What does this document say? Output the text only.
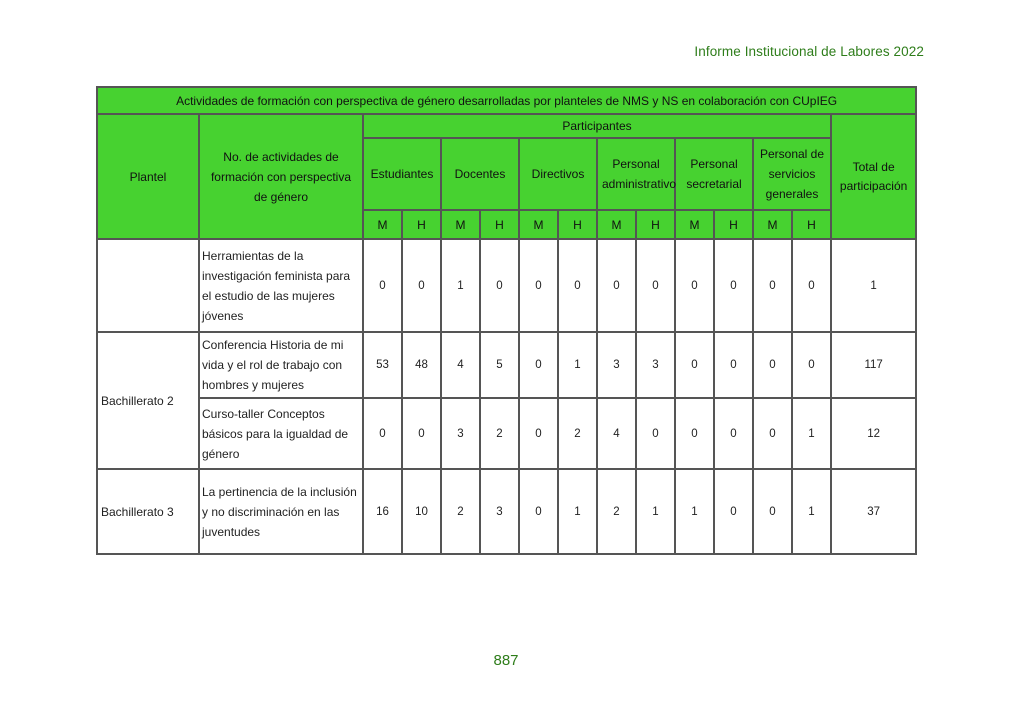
Informe Institucional de Labores 2022
Actividades de formación con perspectiva de género desarrolladas por planteles de NMS y NS en colaboración con CUpIEG														
Plantel	No. de actividades de formación con perspectiva de género	Participantes												Total de participación
		Estudiantes		Docentes		Directivos		Personal administrativo		Personal secretarial		Personal de servicios generales		
		M	H	M	H	M	H	M	H	M	H	M	H	
	Herramientas de la investigación feminista para el estudio de las mujeres jóvenes	0	0	1	0	0	0	0	0	0	0	0	0	1
Bachillerato 2	Conferencia Historia de mi vida y el rol de trabajo con hombres y mujeres	53	48	4	5	0	1	3	3	0	0	0	0	117
	Curso-taller Conceptos básicos para la igualdad de género	0	0	3	2	0	2	4	0	0	0	0	1	12
Bachillerato 3	La pertinencia de la inclusión y no discriminación en las juventudes	16	10	2	3	0	1	2	1	1	0	0	1	37
887
